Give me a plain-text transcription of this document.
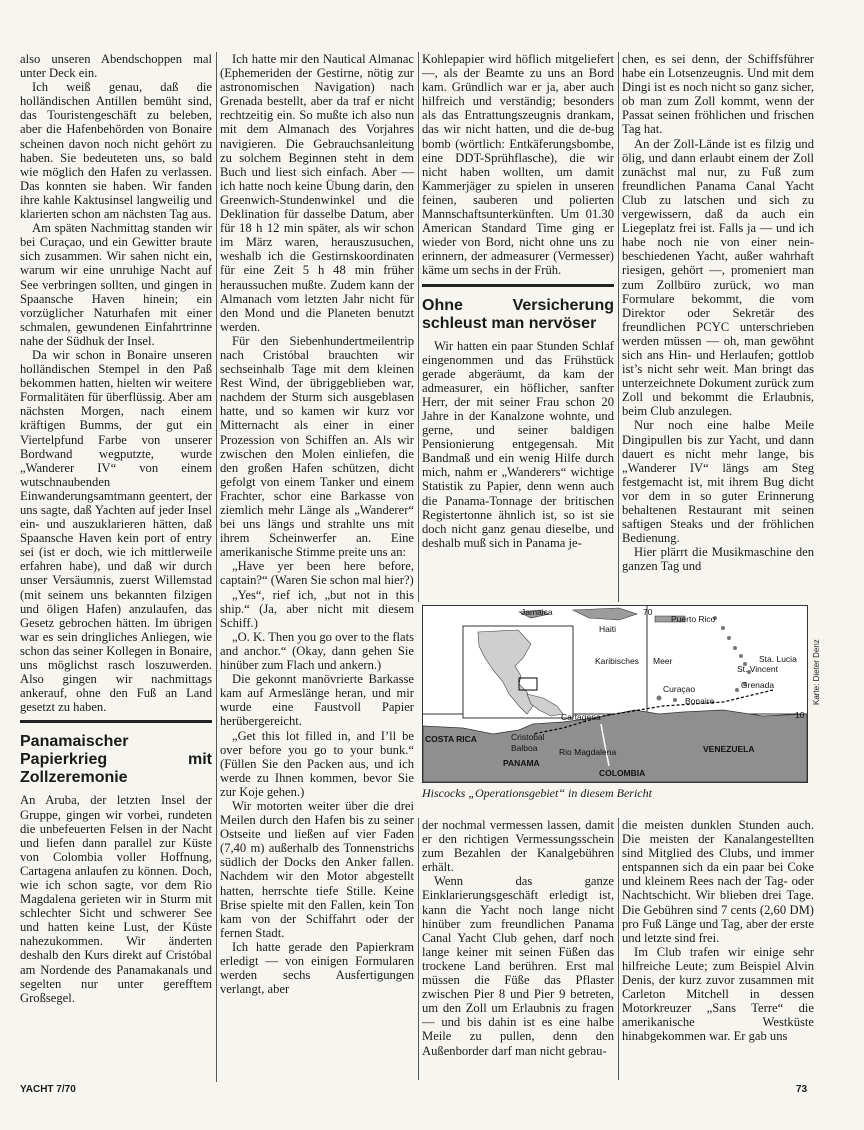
also unseren Abendschoppen mal unter Deck ein.

Ich weiß genau, daß die holländischen Antillen bemüht sind, das Touristengeschäft zu beleben, aber die Hafenbehörden von Bonaire scheinen davon noch nicht gehört zu haben. Sie bedeuteten uns, so bald wie möglich den Hafen zu verlassen. Das konnten sie haben. Wir fanden ihre kahle Kaktusinsel langweilig und klarierten schon am nächsten Tag aus.

Am späten Nachmittag standen wir bei Curaçao, und ein Gewitter braute sich zusammen. Wir sahen nicht ein, warum wir eine unruhige Nacht auf See verbringen sollten, und gingen in Spaansche Haven hinein; ein vorzüglicher Naturhafen mit einer schmalen, gewundenen Einfahrtrinne nahe der Südhuk der Insel.

Da wir schon in Bonaire unseren holländischen Stempel in den Paß bekommen hatten, hielten wir weitere Formalitäten für überflüssig. Aber am nächsten Morgen, nach einem kräftigen Bumms, der gut ein Viertelpfund Farbe von unserer Bordwand wegputzte, wurde „Wanderer IV“ von einem wutschnaubenden Einwanderungsamtmann geentert, der uns sagte, daß Yachten auf jeder Insel ein- und auszuklarieren hätten, daß Spaansche Haven kein port of entry sei (ist er doch, wie ich mittlerweile erfahren habe), und daß wir durch unser Versäumnis, zuerst Willemstad (mit seinem uns bekannten filzigen und öligen Hafen) anzulaufen, das Gesetz gebrochen hätten. Im übrigen war es sein dringliches Anliegen, wie schon das seiner Kollegen in Bonaire, uns möglichst rasch loszuwerden. Also gingen wir nachmittags ankerauf, ohne den Fuß an Land gesetzt zu haben.

Panamaischer Papierkrieg mit Zollzeremonie

An Aruba, der letzten Insel der Gruppe, gingen wir vorbei, rundeten die unbefeuerten Felsen in der Nacht und liefen dann parallel zur Küste von Colombia voller Hoffnung, Cartagena anlaufen zu können. Doch, wie ich schon sagte, vor dem Rio Magdalena gerieten wir in Sturm mit schlechter Sicht und schwerer See und hatten keine Lust, der Küste nahezukommen. Wir änderten deshalb den Kurs direkt auf Cristóbal am Nordende des Panamakanals und segelten nur unter gerefftem Großsegel.

Ich hatte mir den Nautical Almanac (Ephemeriden der Gestirne, nötig zur astronomischen Navigation) nach Grenada bestellt, aber da traf er nicht rechtzeitig ein. So mußte ich also nun mit dem Almanach des Vorjahres navigieren. Die Gebrauchsanleitung zu solchem Beginnen steht in dem Buch und liest sich einfach. Aber — ich hatte noch keine Übung darin, den Greenwich-Stundenwinkel und die Deklination für dasselbe Datum, aber für 18 h 12 min später, als wir schon im März waren, herauszusuchen, weshalb ich die Gestirnskoordinaten für eine Zeit 5 h 48 min früher heraussuchen mußte. Zudem kann der Almanach vom letzten Jahr nicht für den Mond und die Planeten benutzt werden.

Für den Siebenhundertmeilentrip nach Cristóbal brauchten wir sechseinhalb Tage mit dem kleinen Rest Wind, der übriggeblieben war, nachdem der Sturm sich ausgeblasen hatte, und so kamen wir kurz vor Mitternacht als einer in einer Prozession von Schiffen an. Als wir zwischen den Molen einliefen, die den großen Hafen schützen, dicht gefolgt von einem Tanker und einem Frachter, schor eine Barkasse von ziemlich mehr Länge als „Wanderer“ bei uns längs und strahlte uns mit ihrem Scheinwerfer an. Eine amerikanische Stimme preite uns an:

„Have yer been here before, captain?“ (Waren Sie schon mal hier?)

„Yes“, rief ich, „but not in this ship.“ (Ja, aber nicht mit diesem Schiff.)

„O. K. Then you go over to the flats and anchor.“ (Okay, dann gehen Sie hinüber zum Flach und ankern.)

Die gekonnt manövrierte Barkasse kam auf Armeslänge heran, und mir wurde eine Faustvoll Papier herübergereicht.

„Get this lot filled in, and I’ll be over before you go to your bunk.“ (Füllen Sie den Packen aus, und ich werde zu Ihnen kommen, bevor Sie zur Koje gehen.)

Wir motorten weiter über die drei Meilen durch den Hafen bis zu seiner Ostseite und ließen auf vier Faden (7,40 m) außerhalb des Tonnenstrichs südlich der Docks den Anker fallen. Nachdem wir den Motor abgestellt hatten, herrschte tiefe Stille. Keine Brise spielte mit den Fallen, kein Ton kam von der Schiffahrt oder der fernen Stadt.

Ich hatte gerade den Papierkram erledigt — von einigen Formularen werden sechs Ausfertigungen verlangt, aber

Kohlepapier wird höflich mitgeliefert —, als der Beamte zu uns an Bord kam. Gründlich war er ja, aber auch hilfreich und verständig; besonders als das Entrattungszeugnis drankam, das wir nicht hatten, und die de-bug bomb (wörtlich: Entkäferungsbombe, eine DDT-Sprühflasche), die wir nicht haben wollten, um damit Kammerjäger zu spielen in unseren feinen, sauberen und polierten Mannschaftsunterkünften. Um 01.30 American Standard Time ging er wieder von Bord, nicht ohne uns zu erinnern, der admeasurer (Vermesser) käme um sechs in der Früh.

Ohne Versicherung schleust man nervöser

Wir hatten ein paar Stunden Schlaf eingenommen und das Frühstück gerade abgeräumt, da kam der admeasurer, ein höflicher, sanfter Herr, der mit seiner Frau schon 20 Jahre in der Kanalzone wohnte, und gerne, und seiner baldigen Pensionierung entgegensah. Mit Bandmaß und ein wenig Hilfe durch mich, nahm er „Wanderers“ wichtige Statistik zu Papier, denn wenn auch die Panama-Tonnage der britischen Registertonne ähnlich ist, so ist sie doch nicht ganz genau dieselbe, und deshalb muß sich in Panama je-

der nochmal vermessen lassen, damit er den richtigen Vermessungsschein zum Bezahlen der Kanalgebühren erhält.

Wenn das ganze Einklarierungsgeschäft erledigt ist, kann die Yacht noch lange nicht hinüber zum freundlichen Panama Canal Yacht Club gehen, darf noch lange keiner mit seinen Füßen das trockene Land berühren. Erst mal müssen die Füße das Pflaster zwischen Pier 8 und Pier 9 betreten, um den Zoll um Erlaubnis zu fragen — und bis dahin ist es eine halbe Meile zu pullen, denn den Außenborder darf man nicht gebrau-

chen, es sei denn, der Schiffsführer habe ein Lotsenzeugnis. Und mit dem Dingi ist es noch nicht so ganz sicher, ob man zum Zoll kommt, wenn der Passat seinen fröhlichen und frischen Tag hat.

An der Zoll-Lände ist es filzig und ölig, und dann erlaubt einem der Zoll zunächst mal nur, zu Fuß zum freundlichen Panama Canal Yacht Club zu latschen und sich zu vergewissern, daß da auch ein Liegeplatz frei ist. Falls ja — und ich habe noch nie von einer nein-beschiedenen Yacht, außer wahrhaft riesigen, gehört —, promeniert man zum Zollbüro zurück, wo man Formulare bekommt, die vom Direktor oder Sekretär des freundlichen PCYC unterschrieben werden müssen — oh, man gewöhnt sich ans Hin- und Herlaufen; gottlob ist’s nicht sehr weit. Man bringt das unterzeichnete Dokument zurück zum Zoll und bekommt die Erlaubnis, beim Club anzulegen.

Nur noch eine halbe Meile Dingipullen bis zur Yacht, und dann dauert es nicht mehr lange, bis „Wanderer IV“ längs am Steg festgemacht ist, mit ihrem Bug dicht vor dem in so guter Erinnerung behaltenen Restaurant mit seinen saftigen Steaks und der fröhlichen Bedienung.

Hier plärrt die Musikmaschine den ganzen Tag und

die meisten dunklen Stunden auch. Die meisten der Kanalangestellten sind Mitglied des Clubs, und immer entspannen sich da ein paar bei Coke und kleinem Rees nach der Tag- oder Nachtschicht. Wir blieben drei Tage. Die Gebühren sind 7 cents (2,60 DM) pro Fuß Länge und Tag, aber der erste und letzte sind frei.

Im Club trafen wir einige sehr hilfreiche Leute; zum Beispiel Alvin Denis, der kurz zuvor zusammen mit Carleton Mitchell in dessen Motorkreuzer „Sans Terre“ die amerikanische Westküste hinabgekommen war. Er gab uns

Jamaica
Haiti
Puerto Rico
70
Karibisches Meer	Sta. Lucia
St. Vincent
Grenada
Curaçao
Bonaire
10
Cartagena
COSTA RICA	Cristobal
Balboa
PANAMA
Rio Magdalena
COLOMBIA
VENEZUELA
Karte: Dieter Denz
Hiscocks „Operationsgebiet“ in diesem Bericht
YACHT 7/70	73
